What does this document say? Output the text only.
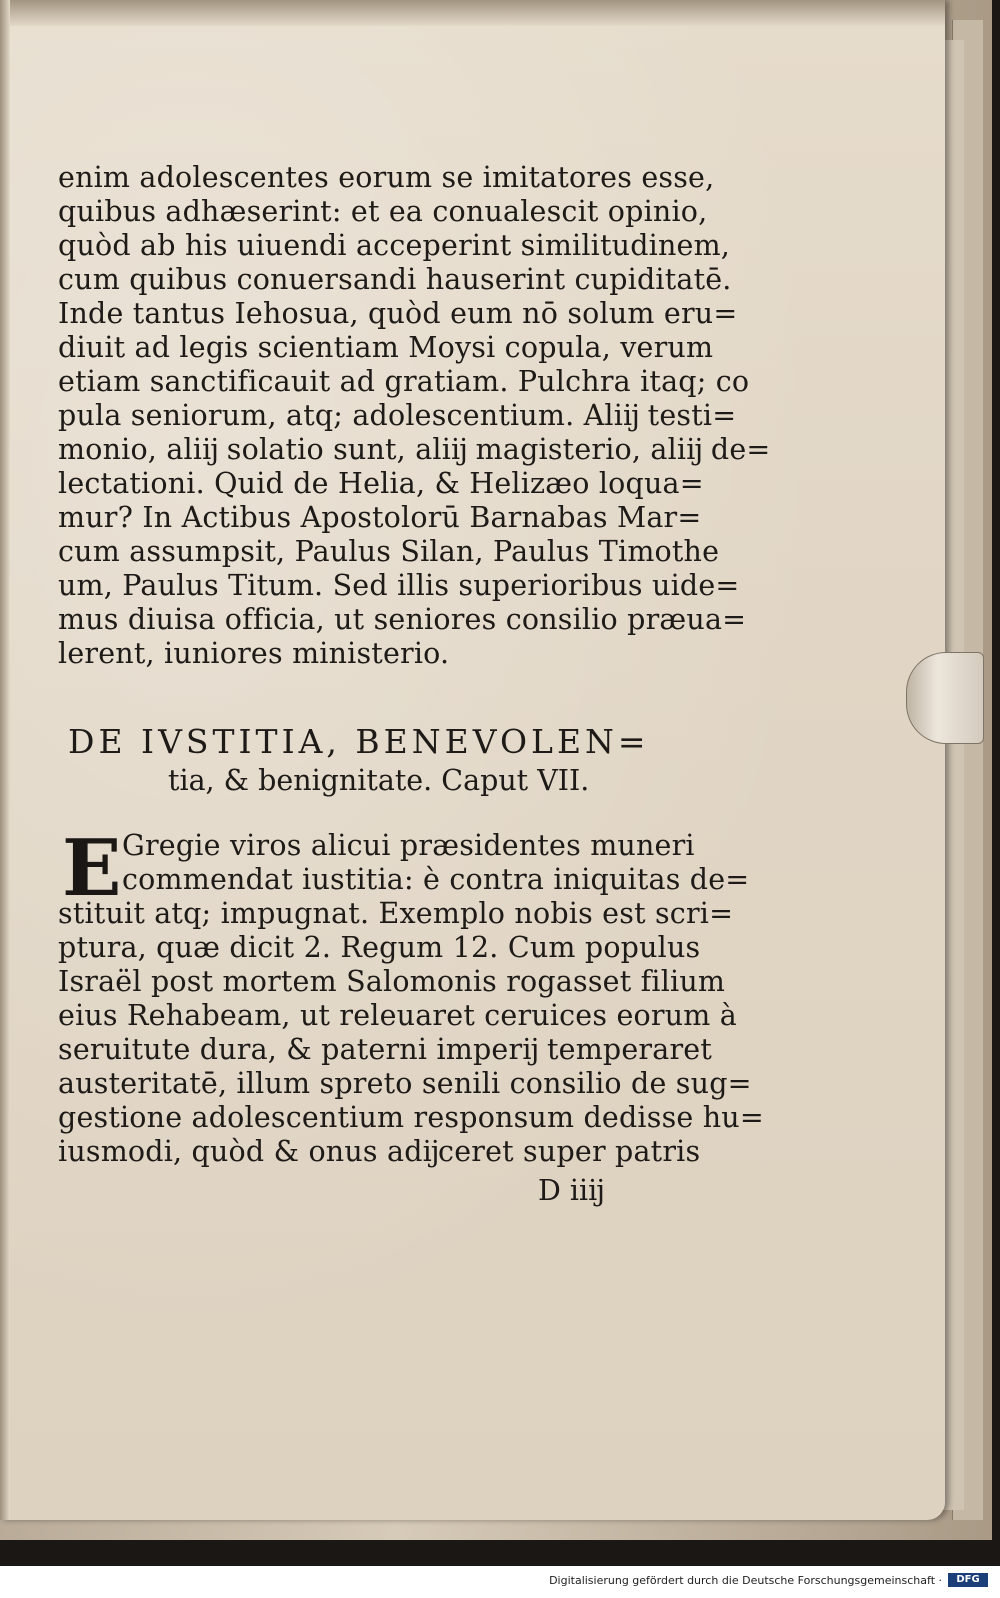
enim adolescentes eorum se imitatores esse,
quibus adhæserint: et ea conualescit opinio,
quòd ab his uiuendi acceperint similitudinem,
cum quibus conuersandi hauserint cupiditatē.
Inde tantus Iehosua, quòd eum nō solum eru=
diuit ad legis scientiam Moysi copula, verum
etiam sanctificauit ad gratiam. Pulchra itaq; co
pula seniorum, atq; adolescentium. Aliĳ testi=
monio, aliĳ solatio sunt, aliĳ magisterio, aliĳ de=
lectationi. Quid de Helia, & Helizæo loqua=
mur? In Actibus Apostolorū Barnabas Mar=
cum assumpsit, Paulus Silan, Paulus Timothe
um, Paulus Titum. Sed illis superioribus uide=
mus diuisa officia, ut seniores consilio præua=
lerent, iuniores ministerio.
DE IVSTITIA, BENEVOLEN=
tia, & benignitate. Caput VII.
E Gregie viros alicui præsidentes muneri
commendat iustitia: è contra iniquitas de=
stituit atq; impugnat. Exemplo nobis est scri=
ptura, quæ dicit 2. Regum 12. Cum populus
Israël post mortem Salomonis rogasset filium
eius Rehabeam, ut releuaret ceruices eorum à
seruitute dura, & paterni imperĳ temperaret
austeritatē, illum spreto senili consilio de sug=
gestione adolescentium responsum dedisse hu=
iusmodi, quòd & onus adĳceret super patris
D iiĳ
Digitalisierung gefördert durch die Deutsche Forschungsgemeinschaft ·	DFG
